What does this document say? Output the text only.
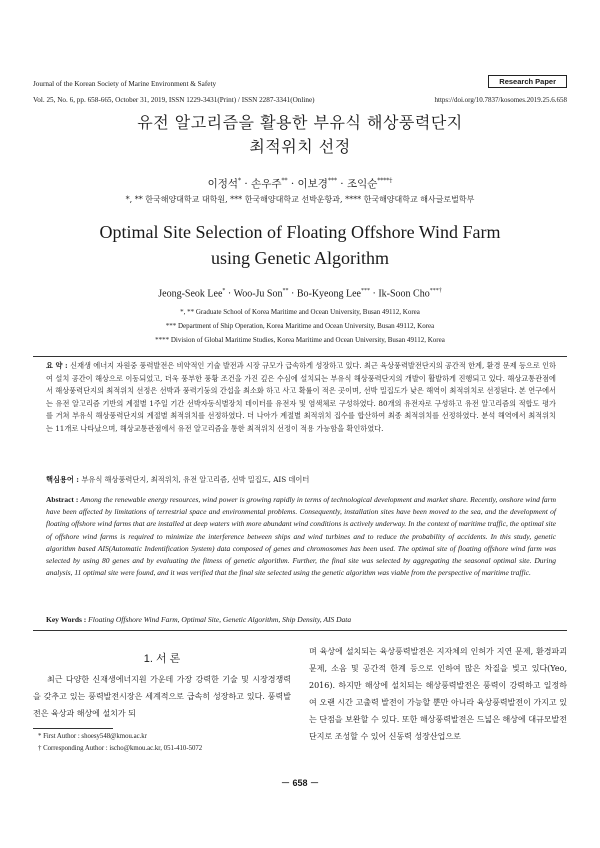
Journal of the Korean Society of Marine Environment & Safety
Vol. 25, No. 6, pp. 658-665, October 31, 2019, ISSN 1229-3431(Print) / ISSN 2287-3341(Online)
Research Paper
https://doi.org/10.7837/kosomes.2019.25.6.658
유전 알고리즘을 활용한 부유식 해상풍력단지
최적위치 선정
이정석* · 손우주** · 이보경*** · 조익순****†
*, ** 한국해양대학교 대학원, *** 한국해양대학교 선박운항과, **** 한국해양대학교 해사글로벌학부
Optimal Site Selection of Floating Offshore Wind Farm
using Genetic Algorithm
Jeong-Seok Lee* · Woo-Ju Son** · Bo-Kyeong Lee*** · Ik-Soon Cho***†
*, ** Graduate School of Korea Maritime and Ocean University, Busan 49112, Korea
*** Department of Ship Operation, Korea Maritime and Ocean University, Busan 49112, Korea
**** Division of Global Maritime Studies, Korea Maritime and Ocean University, Busan 49112, Korea
요 약 : 신재생 에너지 자원중 풍력발전은 비약적인 기술 발전과 시장 규모가 급속하게 성장하고 있다. 최근 육상풍력발전단지의 공간적 한계, 환경 문제 등으로 인하여 설치 공간이 해상으로 이동되었고, 더욱 풍부한 풍황 조건을 가진 깊은 수심에 설치되는 부유식 해상풍력단지의 개발이 활발하게 진행되고 있다. 해상교통관점에서 해상풍력단지의 최적위치 선정은 선박과 풍력기둥의 간섭을 최소화 하고 사고 확률이 적은 곳이며, 선박 밀집도가 낮은 해역이 최적위치로 선정된다. 본 연구에서는 유전 알고리즘 기반의 계절별 1주일 기간 선박자동식별장치 데이터를 유전자 및 염색체로 구성하였다. 80개의 유전자로 구성하고 유전 알고리즘의 적합도 평가를 거쳐 부유식 해상풍력단지의 계절별 최적위치를 선정하였다. 더 나아가 계절별 최적위치 집수를 합산하여 최종 최적위치를 선정하였다. 분석 해역에서 최적위치는 11개로 나타났으며, 해상교통관점에서 유전 알고리즘을 통한 최적위치 선정이 적용 가능함을 확인하였다.
핵심용어 : 부유식 해상풍력단지, 최적위치, 유전 알고리즘, 선박 밀집도, AIS 데이터
Abstract : Among the renewable energy resources, wind power is growing rapidly in terms of technological development and market share. Recently, onshore wind farm have been affected by limitations of terrestrial space and environmental problems. Consequently, installation sites have been moved to the sea, and the development of floating offshore wind farms that are installed at deep waters with more abundant wind conditions is actively underway. In the context of maritime traffic, the optimal site of offshore wind farms is required to minimize the interference between ships and wind turbines and to reduce the probability of accidents. In this study, genetic algorithm based AIS(Automatic Indentification System) data composed of genes and chromosomes has been used. The optimal site of floating offshore wind farm was selected by using 80 genes and by evaluating the fitness of genetic algorithm. Further, the final site was selected by aggregating the seasonal optimal site. During analysis, 11 optimal site were found, and it was verified that the final site selected using the genetic algorithm was viable from the perspective of maritime traffic.
Key Words : Floating Offshore Wind Farm, Optimal Site, Genetic Algorithm, Ship Density, AIS Data
1. 서 론
최근 다양한 신재생에너지원 가운데 가장 강력한 기술 및 시장경쟁력을 갖추고 있는 풍력발전시장은 세계적으로 급속히 성장하고 있다. 풍력발전은 육상과 해상에 설치가 되
며 육상에 설치되는 육상풍력발전은 지자체의 인허가 지연 문제, 환경파괴 문제, 소음 및 공간적 한계 등으로 인하여 많은 차질을 빚고 있다(Yeo, 2016). 하지만 해상에 설치되는 해상풍력발전은 풍력이 강력하고 일정하여 오랜 시간 고출력 발전이 가능할 뿐만 아니라 육상풍력발전이 가지고 있는 단점을 보완할 수 있다. 또한 해상풍력발전은 드넓은 해상에 대규모발전단지로 조성할 수 있어 신동력 성장산업으로
* First Author : shoesy548@kmou.ac.kr
† Corresponding Author : ischo@kmou.ac.kr, 051-410-5072
－ 658 －
